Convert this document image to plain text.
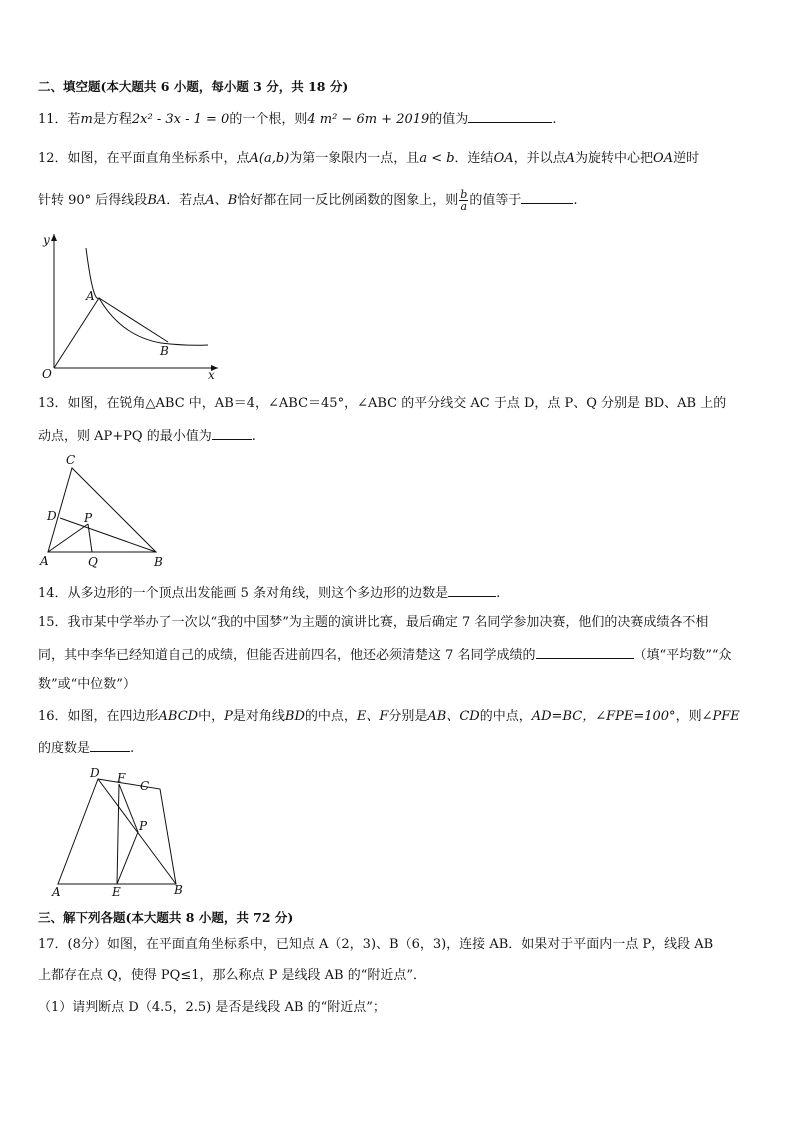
二、填空题(本大题共 6 小题，每小题 3 分，共 18 分)
11．若m是方程2x² - 3x - 1 = 0的一个根，则4 m² − 6m + 2019的值为	.
12．如图，在平面直角坐标系中，点A(a,b)为第一象限内一点，且a < b．连结OA，并以点A为旋转中心把OA逆时
针转 90° 后得线段BA．若点A、B恰好都在同一反比例函数的图象上，则 $\frac{b}{a}$ 的值等于	.
y
x
O
A
B
13．如图，在锐角△ABC 中，AB＝4，∠ABC＝45°，∠ABC 的平分线交 AC 于点 D，点 P、Q 分别是 BD、AB 上的
动点，则 AP+PQ 的最小值为	.
C
D P
A	Q	B
14．从多边形的一个顶点出发能画 5 条对角线，则这个多边形的边数是	.
15．我市某中学举办了一次以“我的中国梦”为主题的演讲比赛，最后确定 7 名同学参加决赛，他们的决赛成绩各不相
同，其中李华已经知道自己的成绩，但能否进前四名，他还必须清楚这 7 名同学成绩的	（填“平均数”“众
数”或“中位数”）
16．如图，在四边形ABCD中，P是对角线BD的中点，E、F分别是AB、CD的中点，AD=BC，∠FPE=100°，则∠PFE
的度数是	.
D F
C
P
A	E	B
三、解下列各题(本大题共 8 小题，共 72 分)
17．(8分）如图，在平面直角坐标系中，已知点 A（2，3)、B（6，3)，连接 AB．如果对于平面内一点 P，线段 AB
上都存在点 Q，使得 PQ≤1，那么称点 P 是线段 AB 的“附近点”．
（1）请判断点 D（4.5，2.5) 是否是线段 AB 的“附近点”；
